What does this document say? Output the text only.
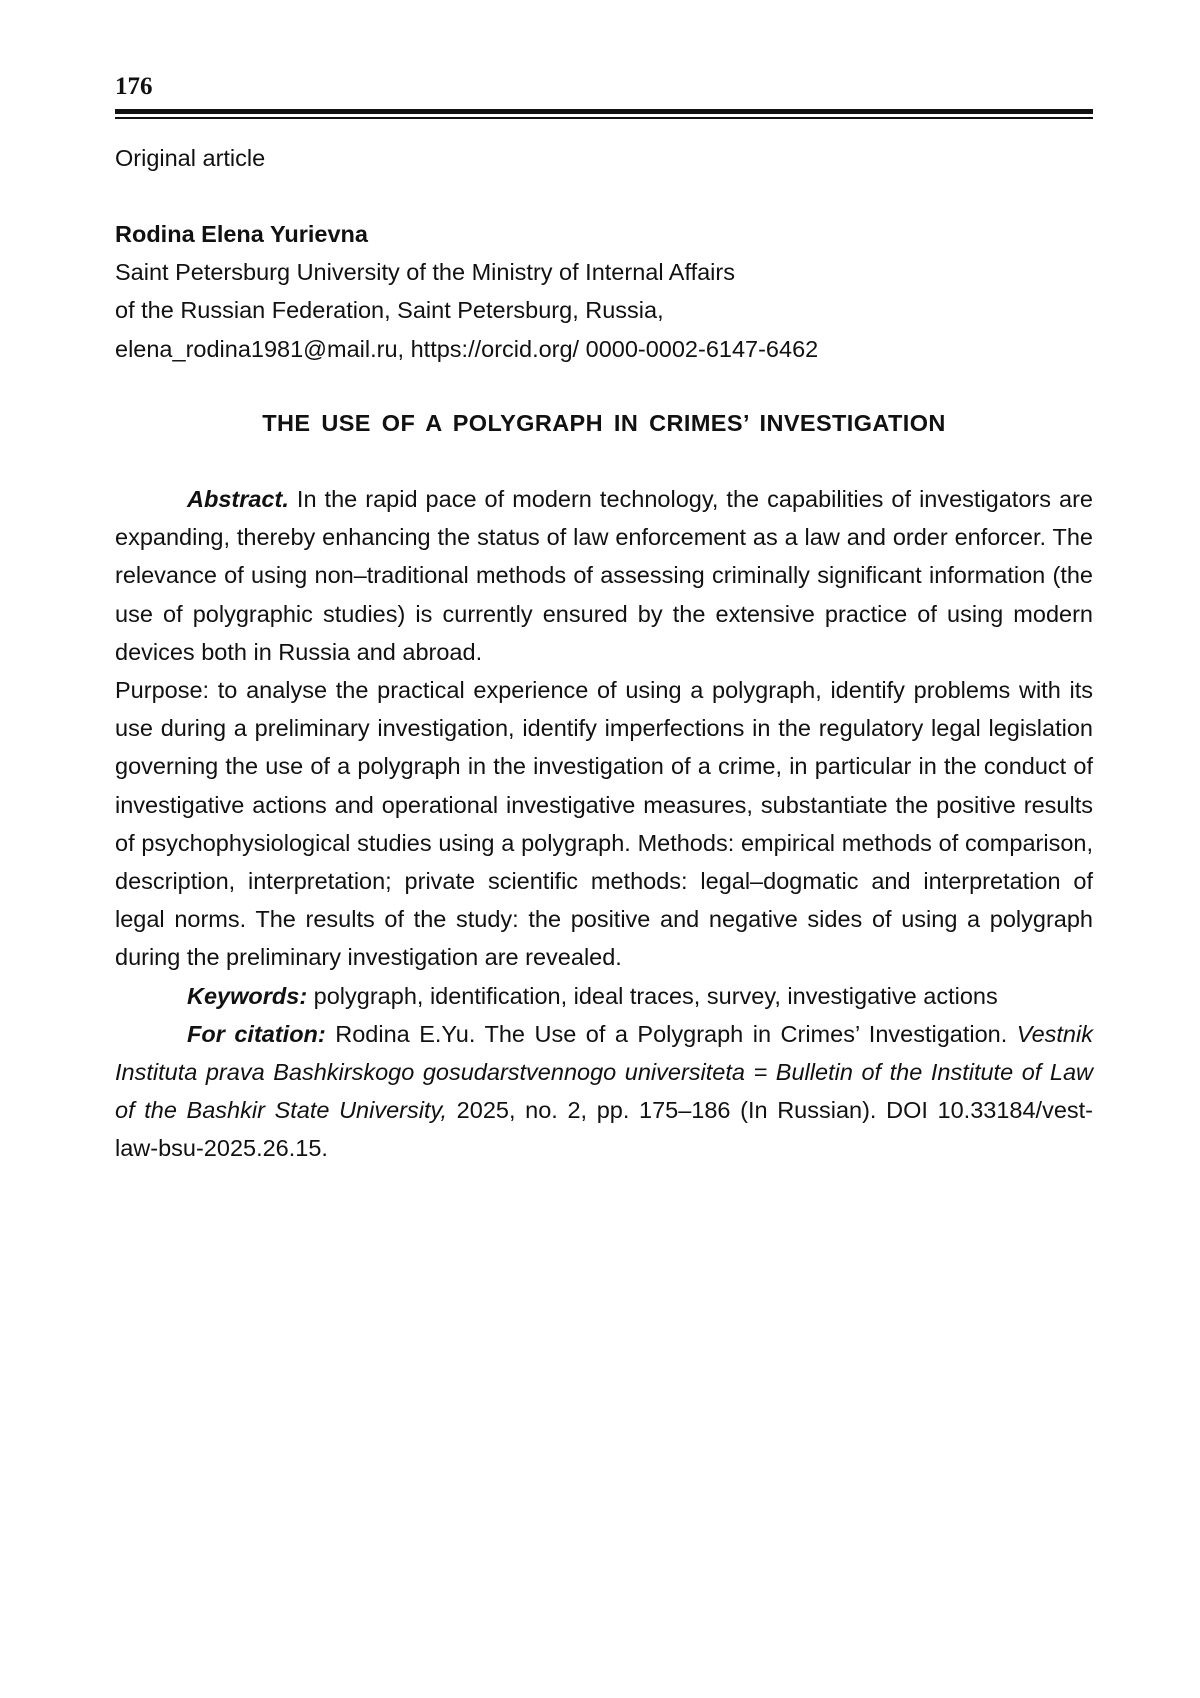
176
Original article
Rodina Elena Yurievna
Saint Petersburg University of the Ministry of Internal Affairs
of the Russian Federation, Saint Petersburg, Russia,
elena_rodina1981@mail.ru, https://orcid.org/ 0000-0002-6147-6462
THE USE OF A POLYGRAPH IN CRIMES’ INVESTIGATION

Abstract. In the rapid pace of modern technology, the capabilities of investigators are expanding, thereby enhancing the status of law enforcement as a law and order enforcer. The relevance of using non–traditional methods of assessing criminally significant information (the use of polygraphic studies) is currently ensured by the extensive practice of using modern devices both in Russia and abroad.

Purpose: to analyse the practical experience of using a polygraph, identify problems with its use during a preliminary investigation, identify imperfections in the regulatory legal legislation governing the use of a polygraph in the investigation of a crime, in particular in the conduct of investigative actions and operational investigative measures, substantiate the positive results of psychophysiological studies using a polygraph. Methods: empirical methods of comparison, description, interpretation; private scientific methods: legal–dogmatic and interpretation of legal norms. The results of the study: the positive and negative sides of using a polygraph during the preliminary investigation are revealed.

Keywords: polygraph, identification, ideal traces, survey, investigative actions

For citation: Rodina E.Yu. The Use of a Polygraph in Crimes’ Investigation. Vestnik Instituta prava Bashkirskogo gosudarstvennogo universiteta = Bulletin of the Institute of Law of the Bashkir State University, 2025, no. 2, pp. 175–186 (In Russian). DOI 10.33184/vest-law-bsu-2025.26.15.
